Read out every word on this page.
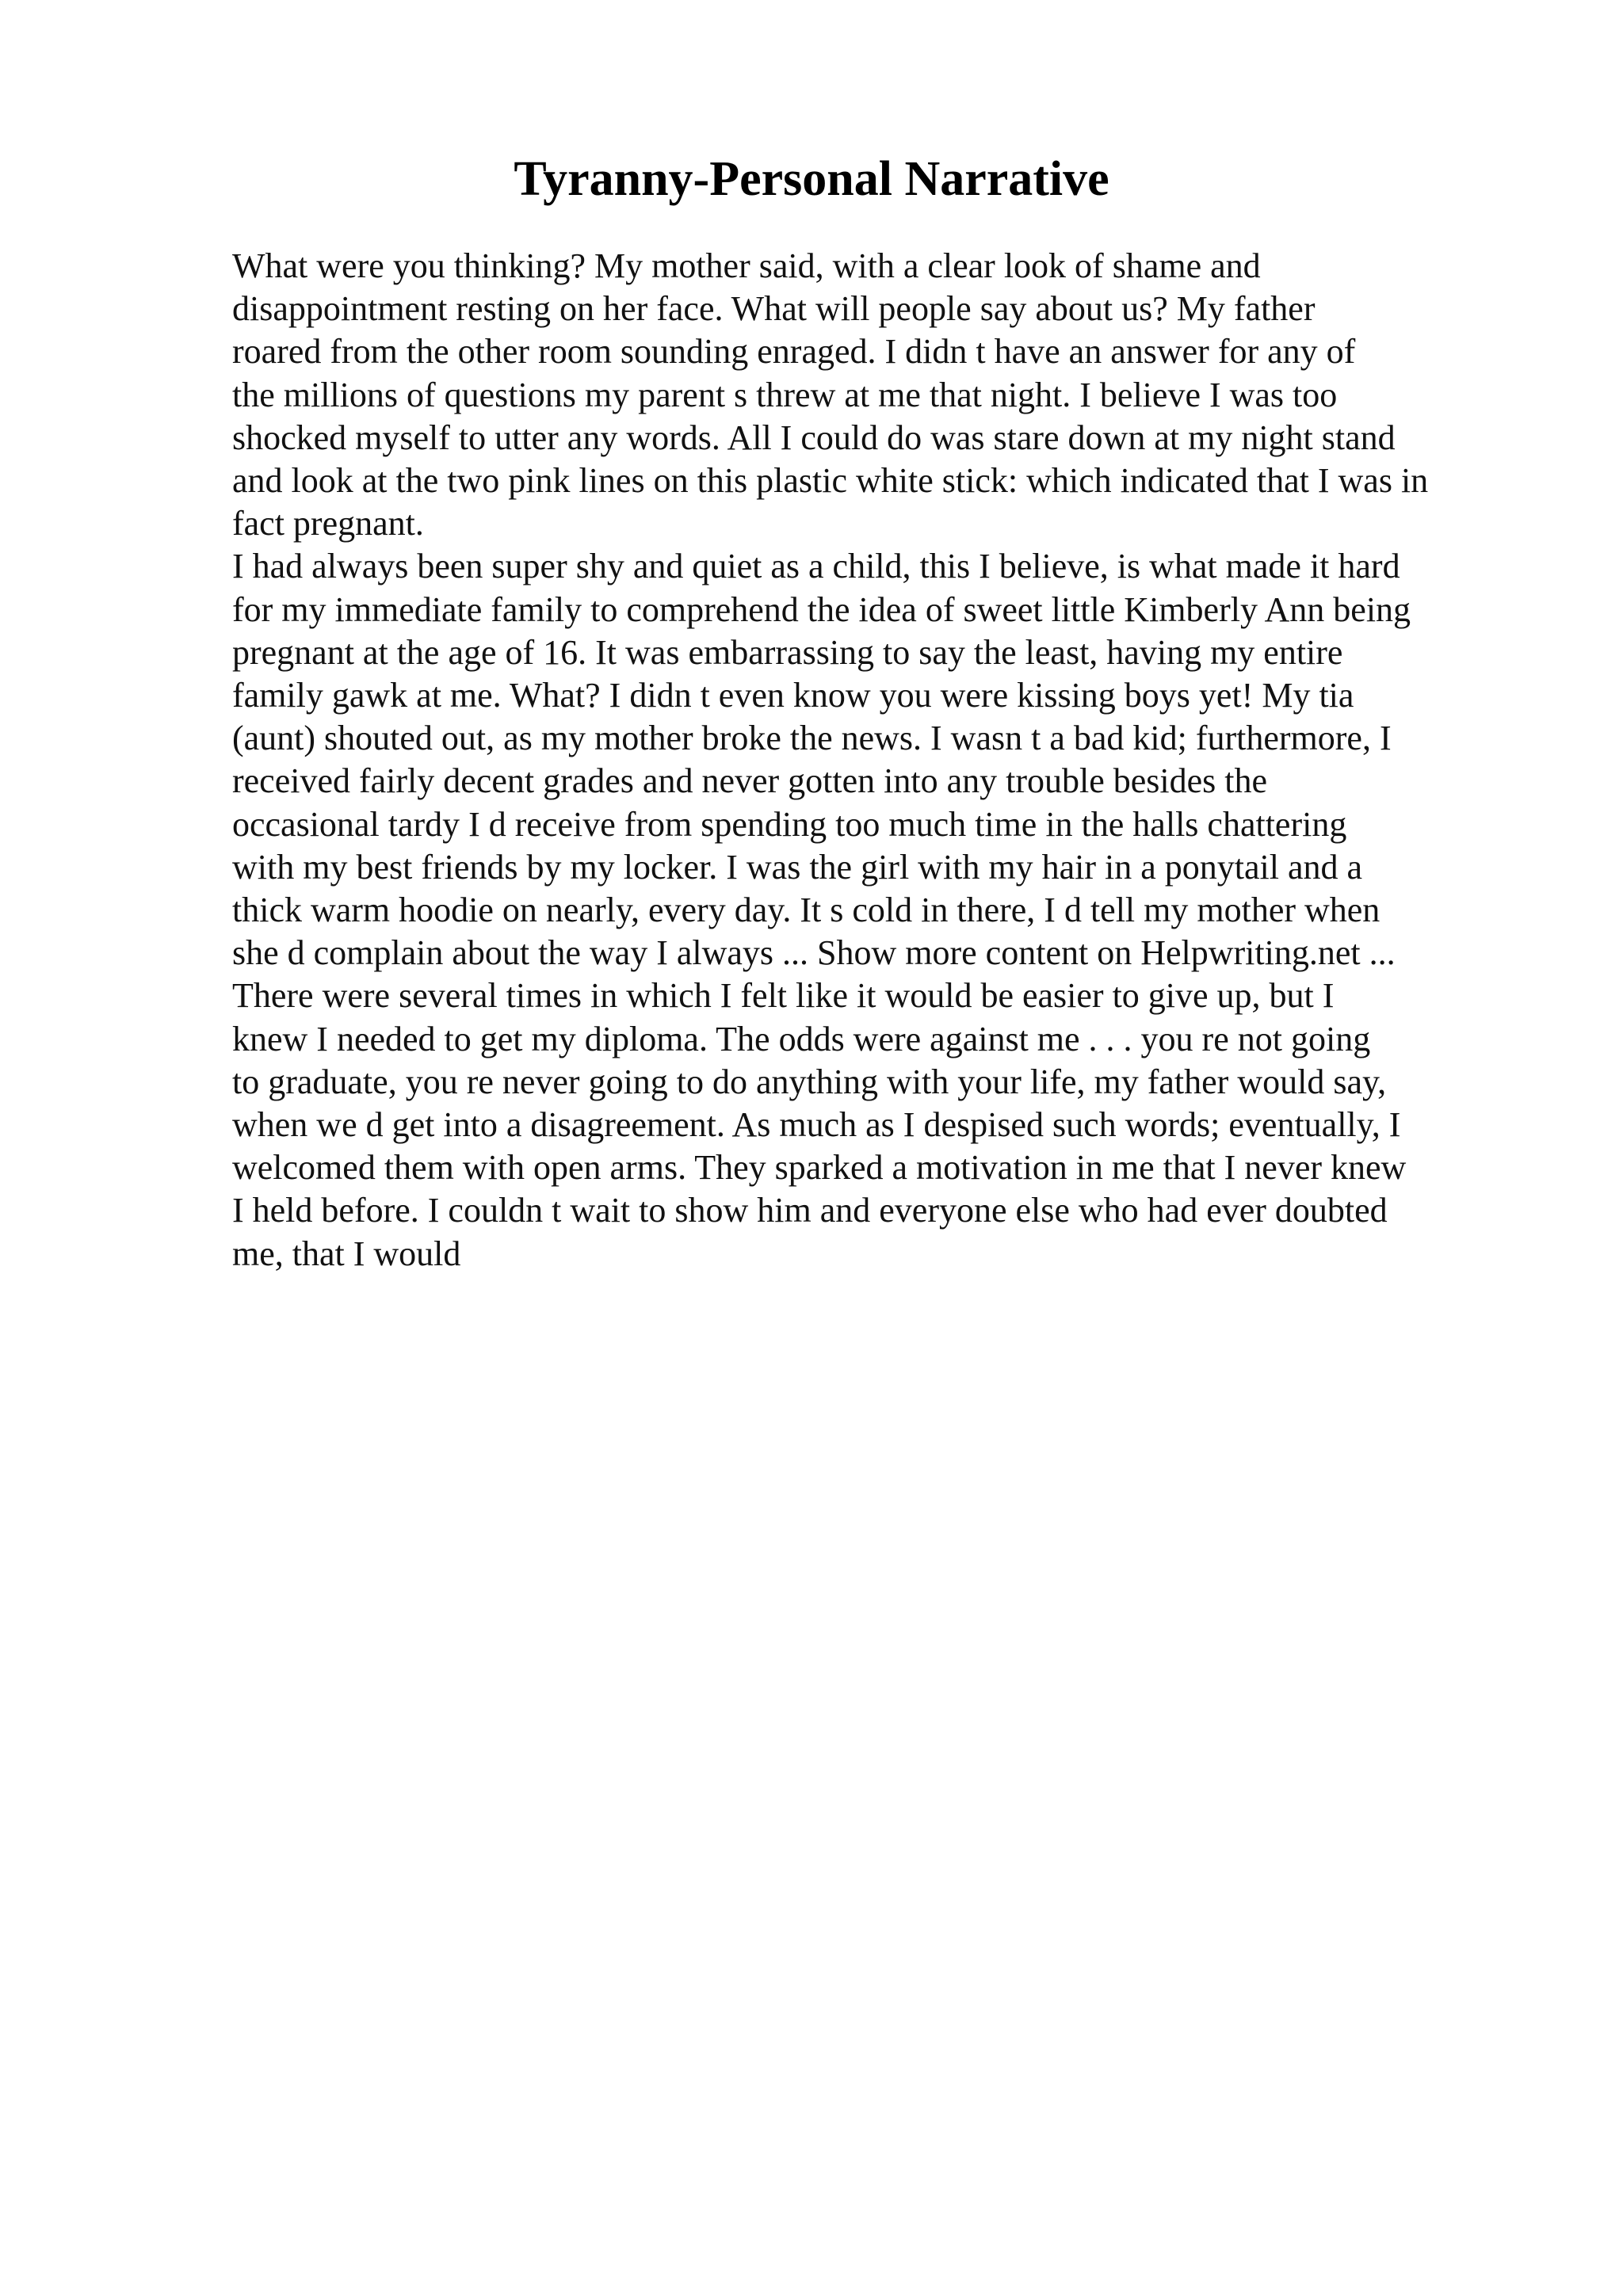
Tyranny-Personal Narrative
What were you thinking? My mother said, with a clear look of shame and
disappointment resting on her face. What will people say about us? My father
roared from the other room sounding enraged. I didn t have an answer for any of
the millions of questions my parent s threw at me that night. I believe I was too
shocked myself to utter any words. All I could do was stare down at my night stand
and look at the two pink lines on this plastic white stick: which indicated that I was in
fact pregnant.
I had always been super shy and quiet as a child, this I believe, is what made it hard
for my immediate family to comprehend the idea of sweet little Kimberly Ann being
pregnant at the age of 16. It was embarrassing to say the least, having my entire
family gawk at me. What? I didn t even know you were kissing boys yet! My tia
(aunt) shouted out, as my mother broke the news. I wasn t a bad kid; furthermore, I
received fairly decent grades and never gotten into any trouble besides the
occasional tardy I d receive from spending too much time in the halls chattering
with my best friends by my locker. I was the girl with my hair in a ponytail and a
thick warm hoodie on nearly, every day. It s cold in there, I d tell my mother when
she d complain about the way I always ... Show more content on Helpwriting.net ...
There were several times in which I felt like it would be easier to give up, but I
knew I needed to get my diploma. The odds were against me . . . you re not going
to graduate, you re never going to do anything with your life, my father would say,
when we d get into a disagreement. As much as I despised such words; eventually, I
welcomed them with open arms. They sparked a motivation in me that I never knew
I held before. I couldn t wait to show him and everyone else who had ever doubted
me, that I would
